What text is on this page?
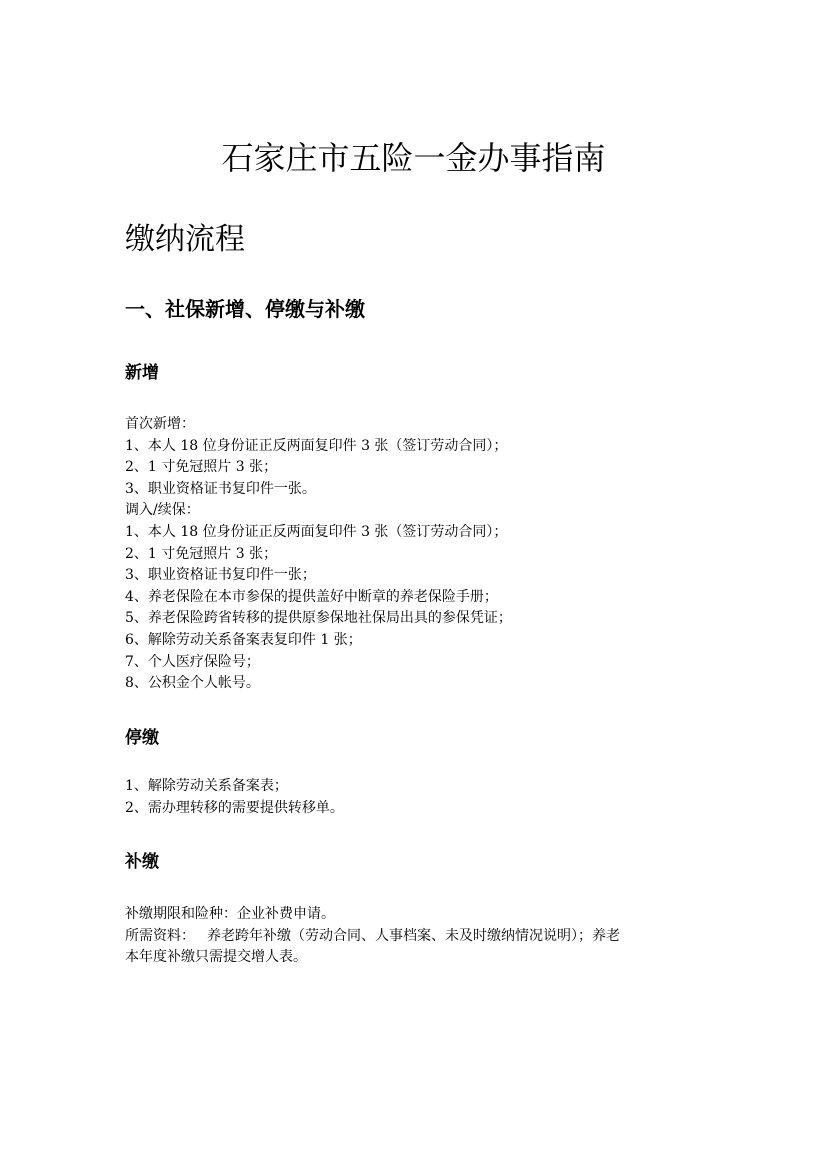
石家庄市五险一金办事指南
缴纳流程
一、社保新增、停缴与补缴
新增
首次新增：
1、本人 18 位身份证正反两面复印件 3 张（签订劳动合同）；
2、1 寸免冠照片 3 张；
3、职业资格证书复印件一张。
调入/续保：
1、本人 18 位身份证正反两面复印件 3 张（签订劳动合同）；
2、1 寸免冠照片 3 张；
3、职业资格证书复印件一张；
4、养老保险在本市参保的提供盖好中断章的养老保险手册；
5、养老保险跨省转移的提供原参保地社保局出具的参保凭证；
6、解除劳动关系备案表复印件 1 张；
7、个人医疗保险号；
8、公积金个人帐号。
停缴
1、解除劳动关系备案表；
2、需办理转移的需要提供转移单。
补缴
补缴期限和险种：企业补费申请。
所需资料： 养老跨年补缴（劳动合同、人事档案、未及时缴纳情况说明）；养老
本年度补缴只需提交增人表。
